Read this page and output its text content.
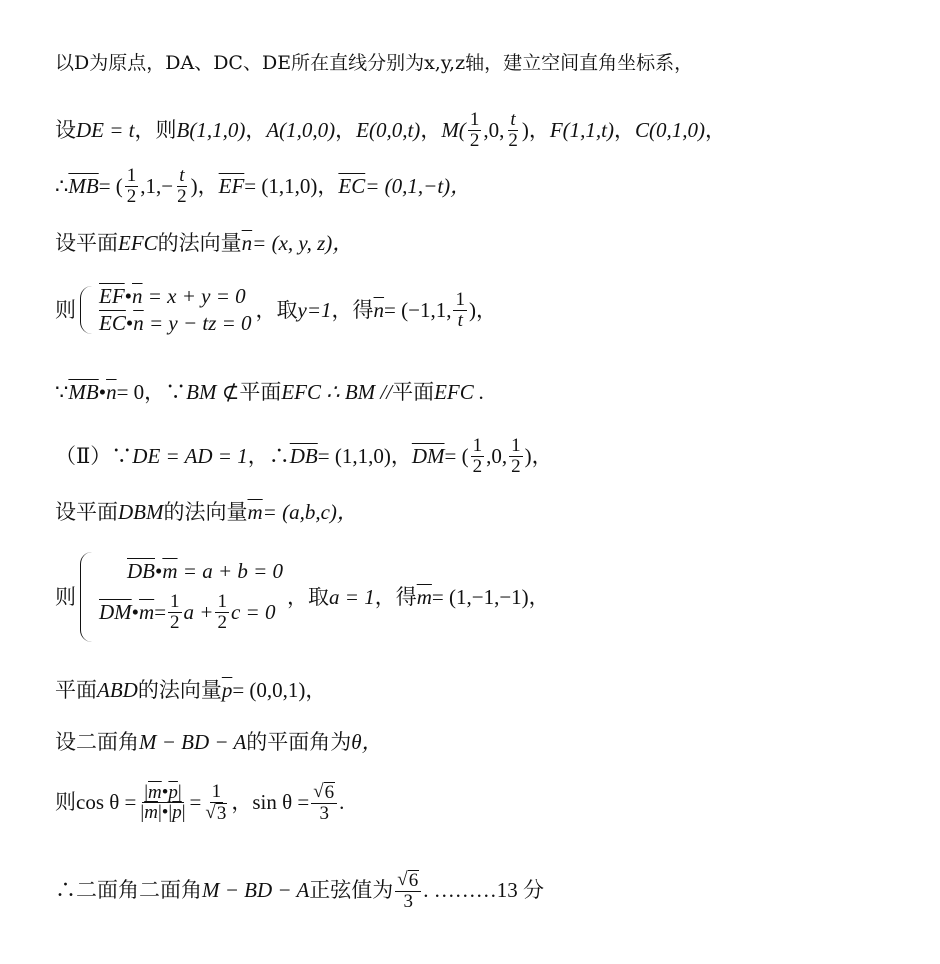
以D为原点，DA、DC、DE所在直线分别为x,y,z轴，建立空间直角坐标系，
设 DE = t ，则 B(1,1,0) ， A(1,0,0) ， E(0,0,t) ， $M( \frac{1}{2} ,0$, $\frac{t}{2}$ ) ， F(1,1,t) ， C(0,1,0) ，
∴ $\overline{MB}$ = ( $\frac{1}{2} ,1,- \frac{t}{2}$ )， $\overline{EF} = (1,1,0)$， $\overline{EC} = (0,1,-t)$，
设平面 EFC 的法向量 $\overline{n} = (x$, y, z)，
则
$\overline{EF}•\overline{n} = x + y = 0$
$\overline{EC}•\overline{n} = y$ − tz = 0
，取 y=1 ，得 $\overline{n} = (-1,1$, $\frac{1}{t}$ )，
∵ $\overline{MB}$ • $\overline{n} = 0$，∵ BM ⊄ 平面 EFC ∴ BM // 平面 EFC .
（Ⅱ）∵ DE = AD = 1 ，∴ $\overline{DB} = (1,1,0)$， $\overline{DM}$ = ( $\frac{1}{2} ,0$, $\frac{1}{2}$ )，
设平面 DBM 的法向量 $\overline{m} = (a,b,c)$，
则
$\overline{DB}•\overline{m} = a + b = 0$
$\overline{DM}$ • $\overline{m} = \frac{1}{2}$ $a + \frac{1}{2}$ c = 0
，取 a = 1 ，得 $\overline{m} = (1,-1,-1)$，
平面 ABD 的法向量 $\overline{p} = (0,0,1)$，
设二面角 M − BD − A 的平面角为 θ，
则 $\cos \theta = \frac{|\overline{m}•\overline{p}|}{|\overline{m}|•|\overline{p}|} = \frac{1}{√ 3}$ ， $\sin \theta = \frac{√ 6}{3}$ .
∴二面角二面角 M − BD − A 正弦值为 $\frac{√ 6}{3}$ . ………13 分
